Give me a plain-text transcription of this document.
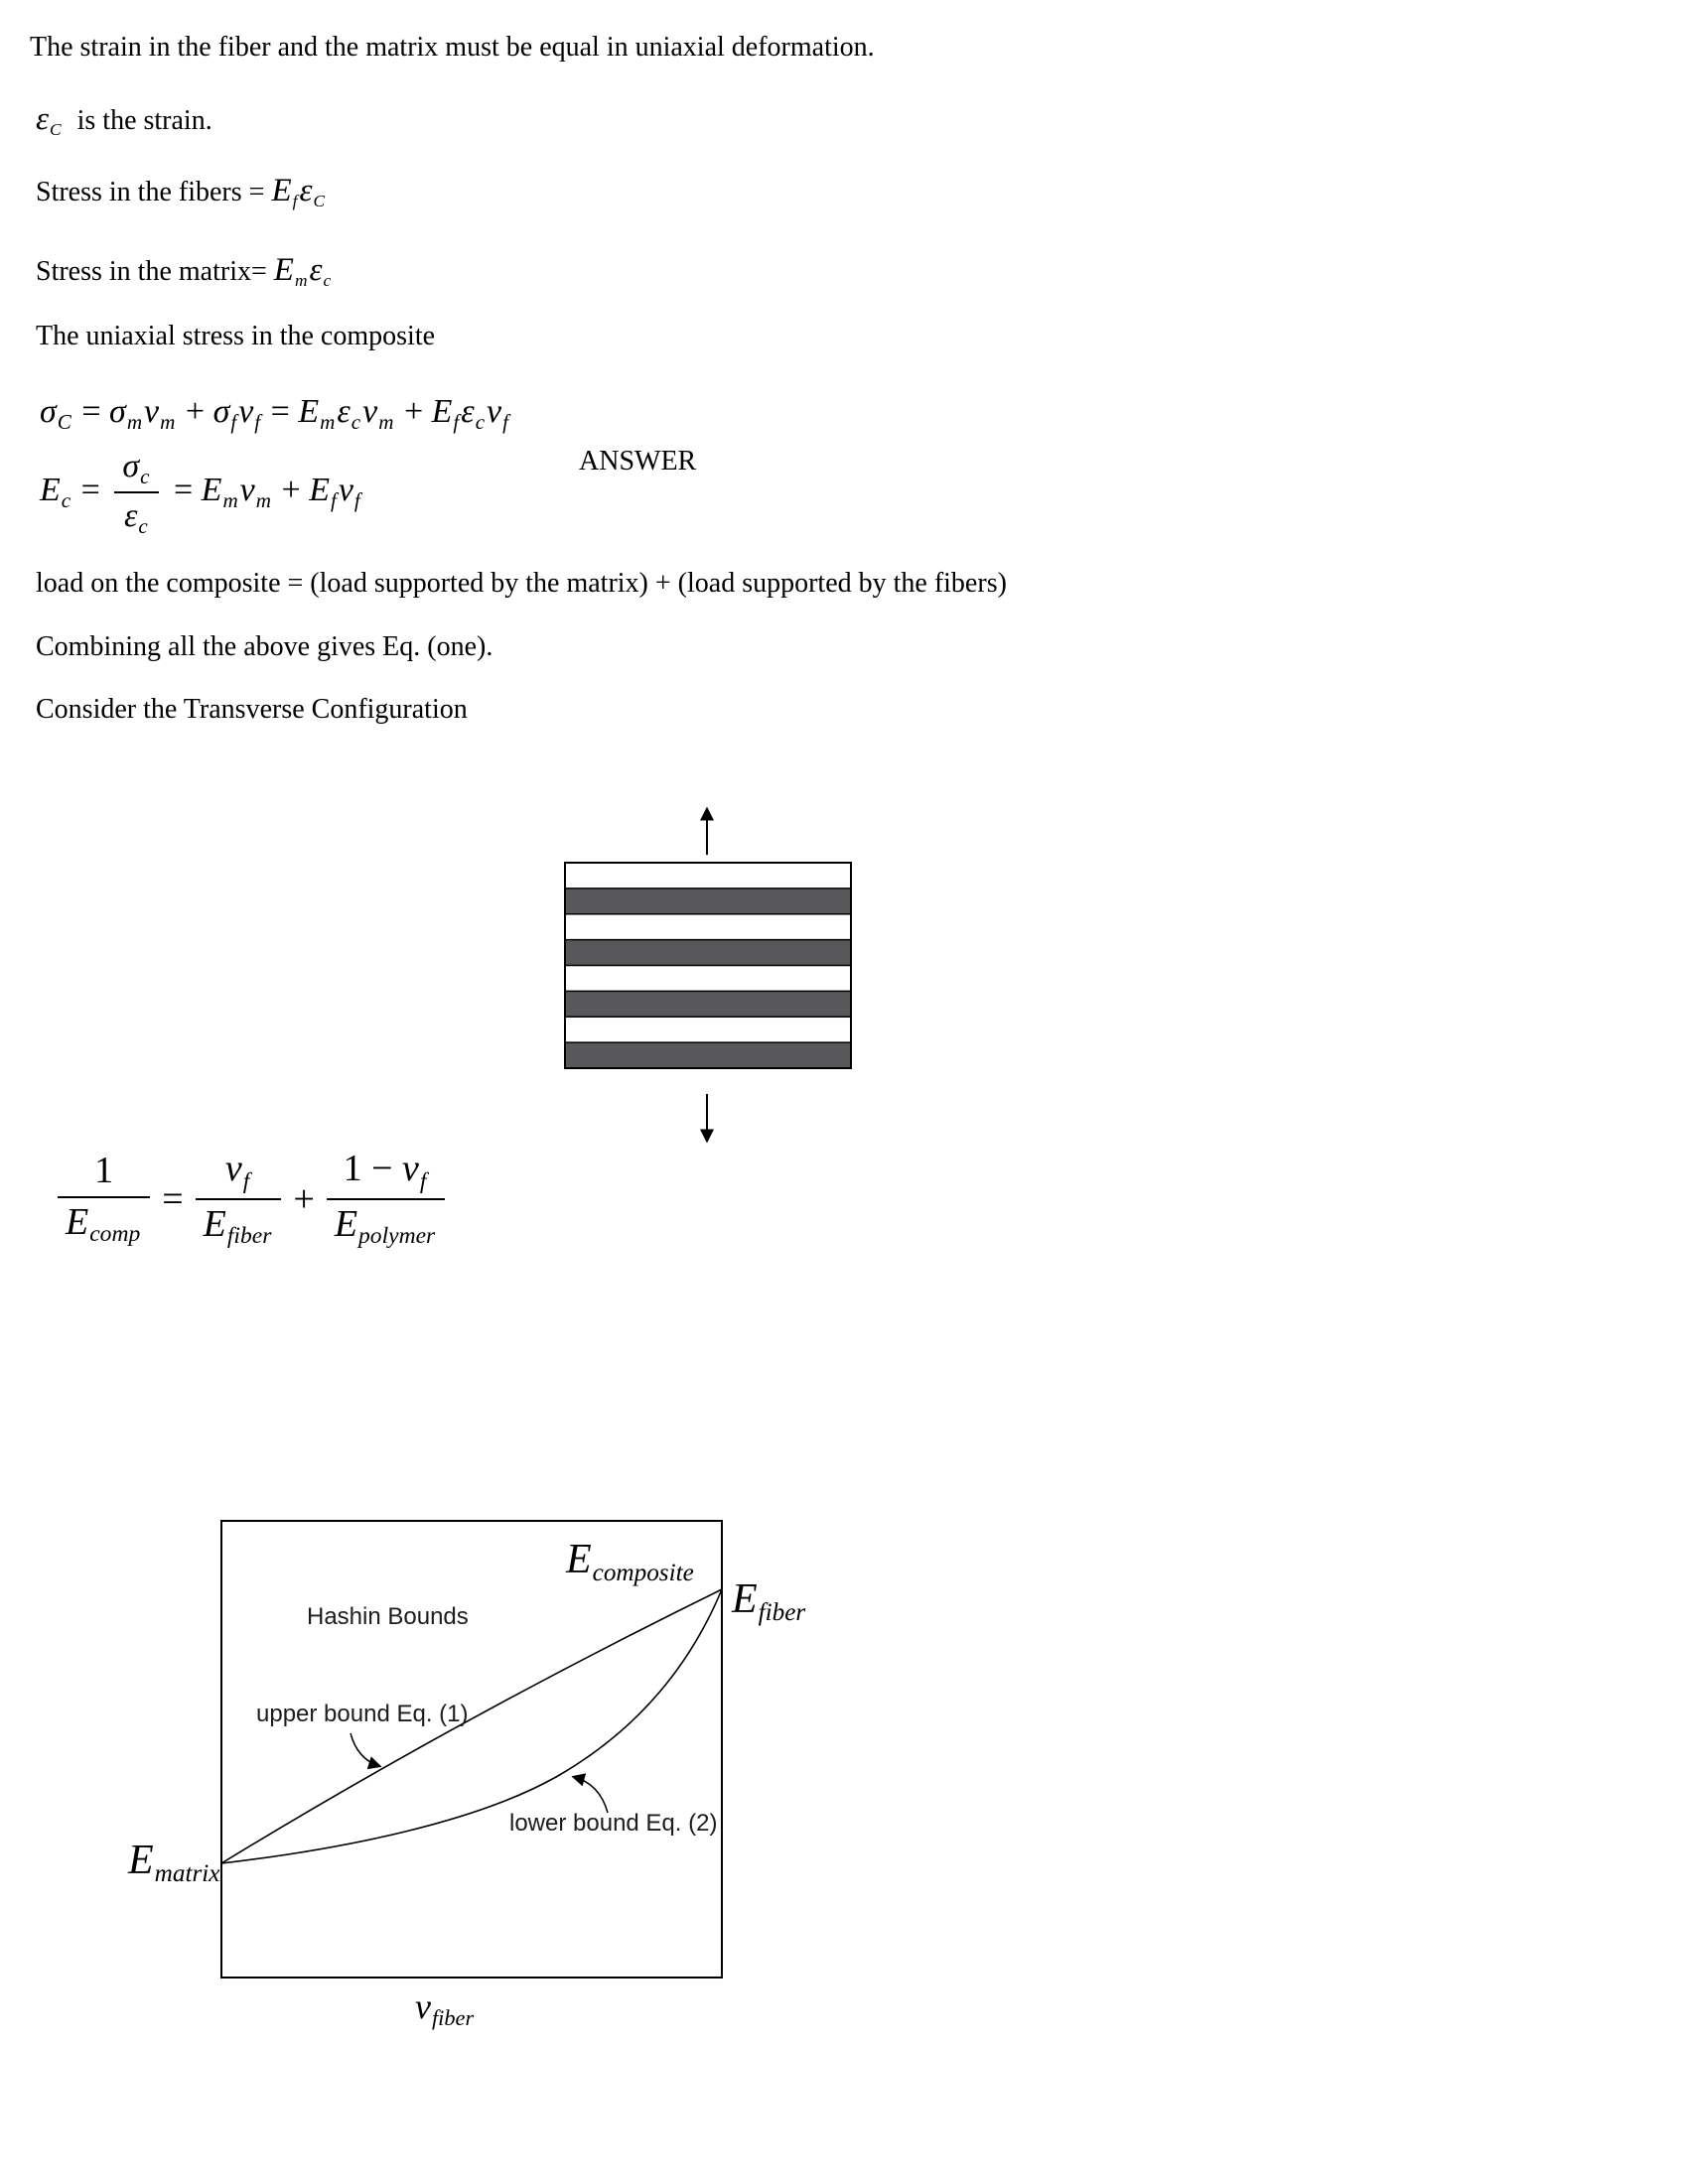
The strain in the fiber and the matrix must be equal in uniaxial deformation.
$\varepsilon_C$  is the strain.
Stress in the fibers = $E_f\varepsilon_C$
Stress in the matrix= $E_m\varepsilon_c$
The uniaxial stress in the composite
$\sigma_C = \sigma_mv_m + \sigma_fv_f = E_m\varepsilon_cv_m + E_f\varepsilon_cv_f$
$E_c = \frac{\sigma_c}{\varepsilon_c} = E_mv_m + E_fv_f$
ANSWER
load on the composite = (load supported by the matrix) + (load supported by the fibers)
Combining all the above gives Eq. (one).
Consider the Transverse Configuration
$\frac{1}{E_{comp}} = \frac{v_f}{E_{fiber}} + \frac{1 - v_f}{E_{polymer}}$
$E_{composite}$
$E_{fiber}$
$E_{matrix}$
$v_{fiber}$
Hashin Bounds
upper bound Eq. (1)
lower bound Eq. (2)
